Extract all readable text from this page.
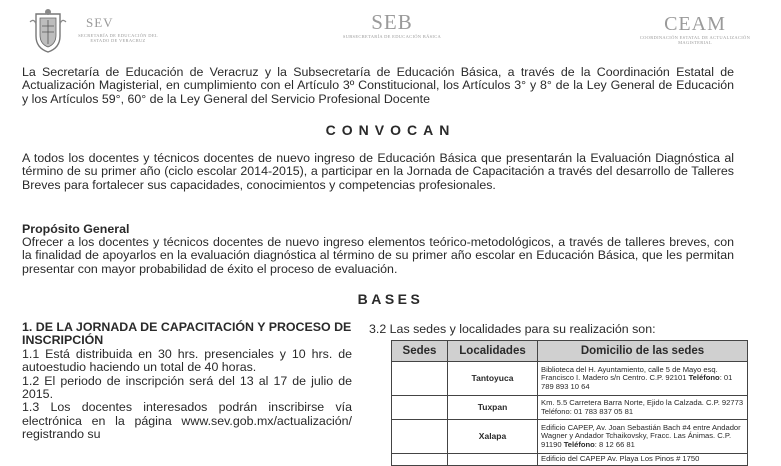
SEV
SECRETARÍA DE EDUCACIÓN DEL ESTADO DE VERACRUZ
SEB
SUBSECRETARÍA DE EDUCACIÓN BÁSICA
CEAM
COORDINACIÓN ESTATAL DE ACTUALIZACIÓN MAGISTERIAL
La Secretaría de Educación de Veracruz y la Subsecretaría de Educación Básica, a través de la Coordinación Estatal de Actualización Magisterial, en cumplimiento con el Artículo 3º Constitucional, los Artículos 3° y 8° de la Ley General de Educación y los Artículos 59°, 60° de la Ley General del Servicio Profesional Docente
CONVOCAN
A todos los docentes y técnicos docentes de nuevo ingreso de Educación Básica que presentarán la Evaluación Diagnóstica al término de su primer año (ciclo escolar 2014-2015), a participar en la Jornada de Capacitación a través del desarrollo de Talleres Breves para fortalecer sus capacidades, conocimientos y competencias profesionales.
Propósito General
Ofrecer a los docentes y técnicos docentes de nuevo ingreso elementos teórico-metodológicos, a través de talleres breves, con la finalidad de apoyarlos en la evaluación diagnóstica al término de su primer año escolar en Educación Básica, que les permitan presentar con mayor probabilidad de éxito el proceso de evaluación.
BASES
1. DE LA JORNADA DE CAPACITACIÓN Y PROCESO DE INSCRIPCIÓN
1.1 Está distribuida en 30 hrs. presenciales y 10 hrs. de autoestudio haciendo un total de 40 horas.
1.2 El periodo de inscripción será del 13 al 17 de julio de 2015.
1.3 Los docentes interesados podrán inscribirse vía electrónica en la página www.sev.gob.mx/actualización/ registrando su
3.2 Las sedes y localidades para su realización son:
Sedes	Localidades	Domicilio de las sedes
	Tantoyuca	Biblioteca del H. Ayuntamiento, calle 5 de Mayo esq. Francisco I. Madero s/n Centro. C.P. 92101 Teléfono: 01 789 893 10 64
	Tuxpan	Km. 5.5 Carretera Barra Norte, Ejido la Calzada. C.P. 92773 Teléfono: 01 783 837 05 81
	Xalapa	Edificio CAPEP, Av. Joan Sebastián Bach #4 entre Andador Wagner y Andador Tchaikovsky, Fracc. Las Ánimas. C.P. 91190 Teléfono: 8 12 66 81
		Edificio del CAPEP Av. Playa Los Pinos # 1750
